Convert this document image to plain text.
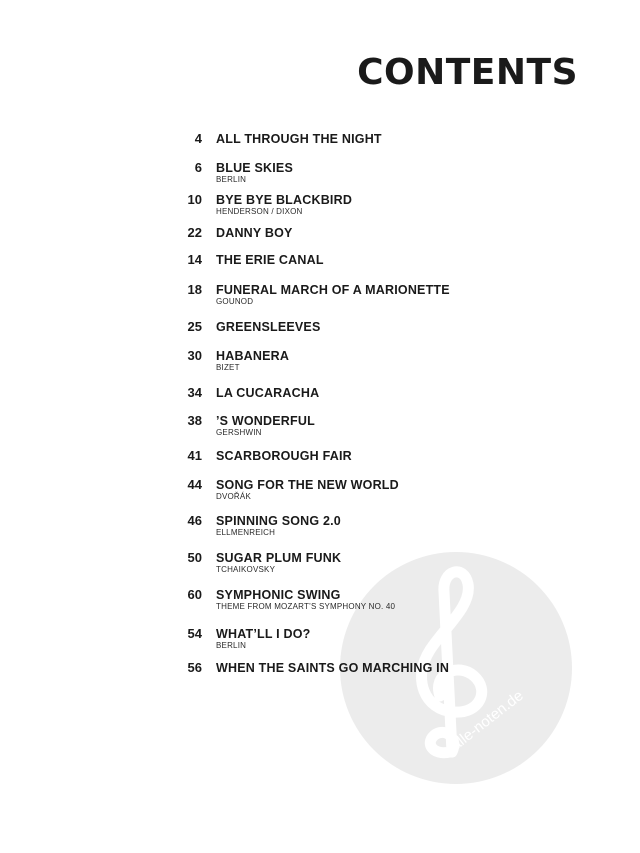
CONTENTS
alle-noten.de
4 ALL THROUGH THE NIGHT
6 BLUE SKIES
BERLIN
10 BYE BYE BLACKBIRD
HENDERSON / DIXON
22 DANNY BOY
14 THE ERIE CANAL
18 FUNERAL MARCH OF A MARIONETTE
GOUNOD
25 GREENSLEEVES
30 HABANERA
BIZET
34 LA CUCARACHA
38 ’S WONDERFUL
GERSHWIN
41 SCARBOROUGH FAIR
44 SONG FOR THE NEW WORLD
DVOŘÁK
46 SPINNING SONG 2.0
ELLMENREICH
50 SUGAR PLUM FUNK
TCHAIKOVSKY
60 SYMPHONIC SWING
THEME FROM MOZART’S SYMPHONY NO. 40
54 WHAT’LL I DO?
BERLIN
56 WHEN THE SAINTS GO MARCHING IN
